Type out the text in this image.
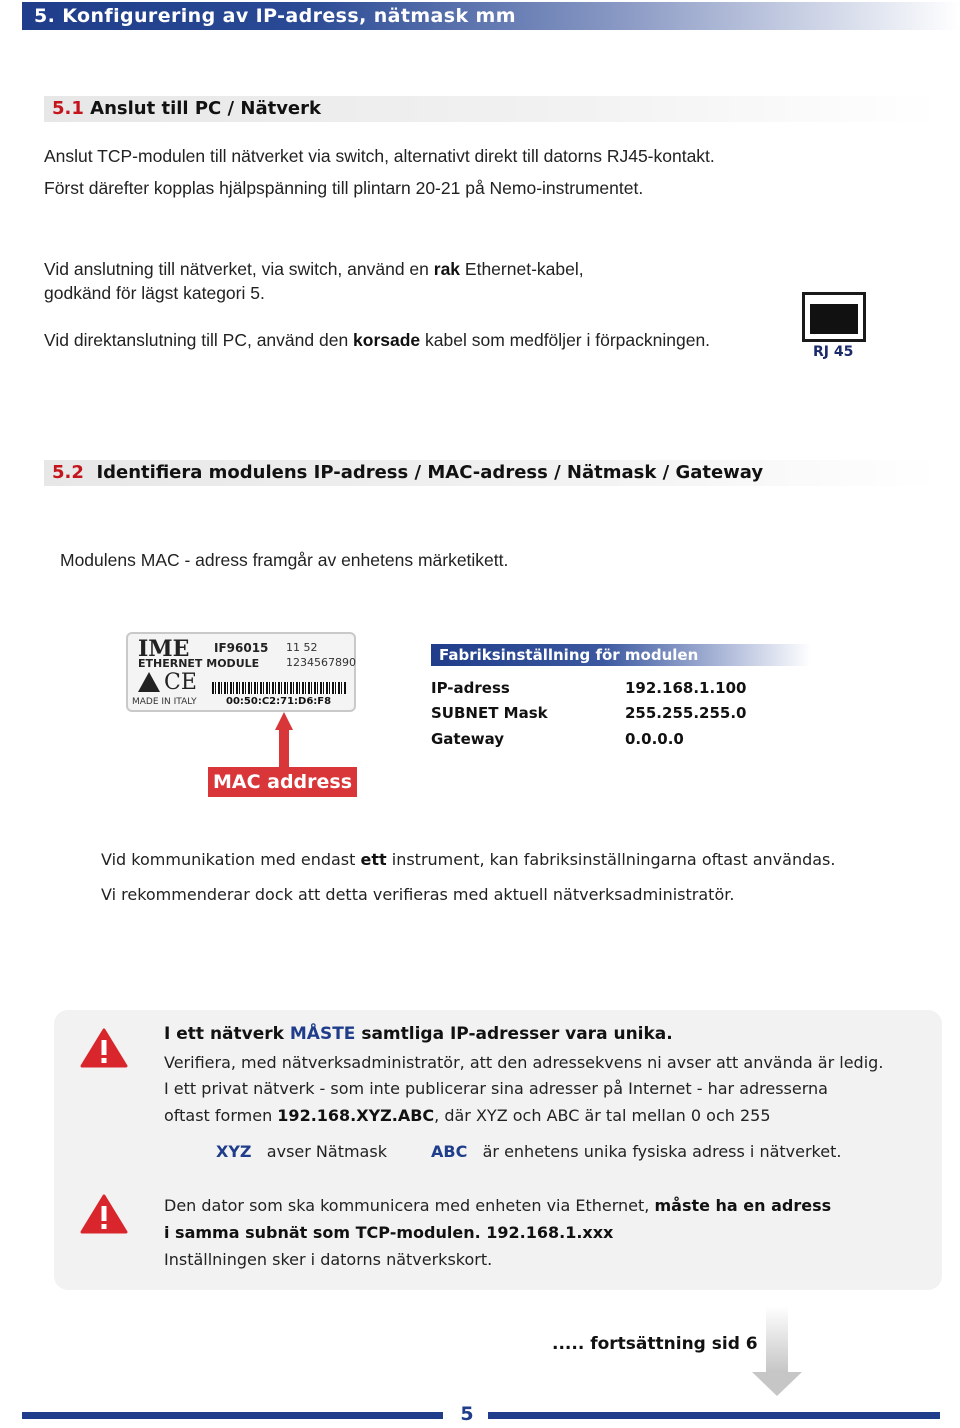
5. Konfigurering av IP-adress, nätmask mm
5.1 Anslut till PC / Nätverk
Anslut TCP-modulen till nätverket via switch, alternativt direkt till datorns RJ45-kontakt.
Först därefter kopplas hjälpspänning till plintarn 20-21 på Nemo-instrumentet.
Vid anslutning till nätverket, via switch, använd en rak Ethernet-kabel,
godkänd för lägst kategori 5.
Vid direktanslutning till PC, använd den korsade kabel som medföljer i förpackningen.
RJ 45
5.2 Identifiera modulens IP-adress / MAC-adress / Nätmask / Gateway
Modulens MAC - adress framgår av enhetens märketikett.
IME IF96015 11 52
ETHERNET MODULE 1234567890
CE
MADE IN ITALY	00:50:C2:71:D6:F8
MAC address
Fabriksinställning för modulen
IP-adress	192.168.1.100
SUBNET Mask	255.255.255.0
Gateway	0.0.0.0
Vid kommunikation med endast ett instrument, kan fabriksinställningarna oftast användas.
Vi rekommenderar dock att detta verifieras med aktuell nätverksadministratör.
I ett nätverk MÅSTE samtliga IP-adresser vara unika.
Verifiera, med nätverksadministratör, att den adressekvens ni avser att använda är ledig.
I ett privat nätverk - som inte publicerar sina adresser på Internet - har adresserna
oftast formen 192.168.XYZ.ABC, där XYZ och ABC är tal mellan 0 och 255
XYZ avser Nätmask	ABC är enhetens unika fysiska adress i nätverket.
Den dator som ska kommunicera med enheten via Ethernet, måste ha en adress
i samma subnät som TCP-modulen. 192.168.1.xxx
Inställningen sker i datorns nätverkskort.
..... fortsättning sid 6
5
